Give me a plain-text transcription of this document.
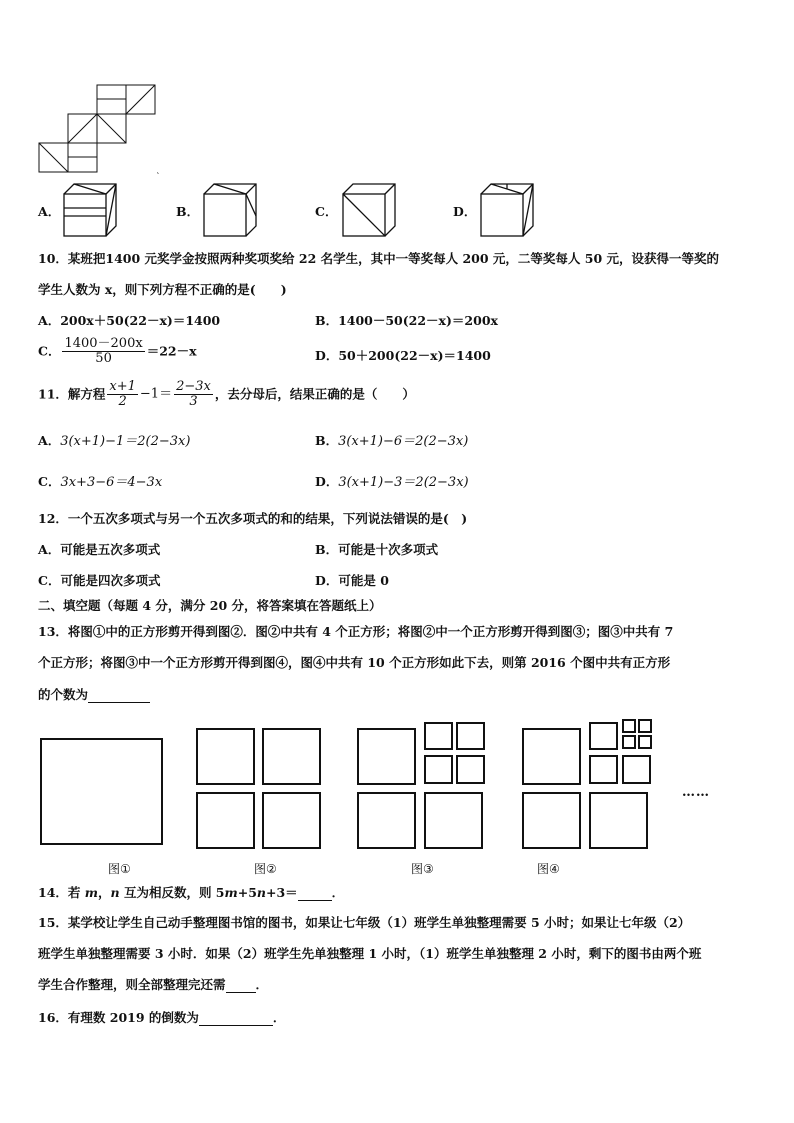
˛
A．	B．	C．	D．
10．某班把1400 元奖学金按照两种奖项奖给 22 名学生，其中一等奖每人 200 元，二等奖每人 50 元，设获得一等奖的
学生人数为 x，则下列方程不正确的是(　　)
A．200x＋50(22－x)＝1400	B．1400－50(22－x)＝200x
C． $\frac{1400-200x}{50} =22-x$	D．50＋200(22－x)＝1400
11．解方程 $\frac{x+1}{2} -1= \frac{2-3x}{3}$ ，去分母后，结果正确的是（　　）
A．3(x+1)−1＝2(2−3x)	B．3(x+1)−6＝2(2−3x)
C．3x+3−6＝4−3x	D．3(x+1)−3＝2(2−3x)
12．一个五次多项式与另一个五次多项式的和的结果，下列说法错误的是(　)
A．可能是五次多项式	B．可能是十次多项式
C．可能是四次多项式	D．可能是 0
二、填空题（每题 4 分，满分 20 分，将答案填在答题纸上）
13．将图①中的正方形剪开得到图②．图②中共有 4 个正方形；将图②中一个正方形剪开得到图③；图③中共有 7
个正方形；将图③中一个正方形剪开得到图④，图④中共有 10 个正方形如此下去，则第 2016 个图中共有正方形
的个数为
……
图①	图②	图③	图④
14．若 m，n 互为相反数，则 5m+5n+3＝	．
15．某学校让学生自己动手整理图书馆的图书，如果让七年级（1）班学生单独整理需要 5 小时；如果让七年级（2）
班学生单独整理需要 3 小时．如果（2）班学生先单独整理 1 小时，（1）班学生单独整理 2 小时，剩下的图书由两个班
学生合作整理，则全部整理完还需 ．
16．有理数 2019 的倒数为	．
